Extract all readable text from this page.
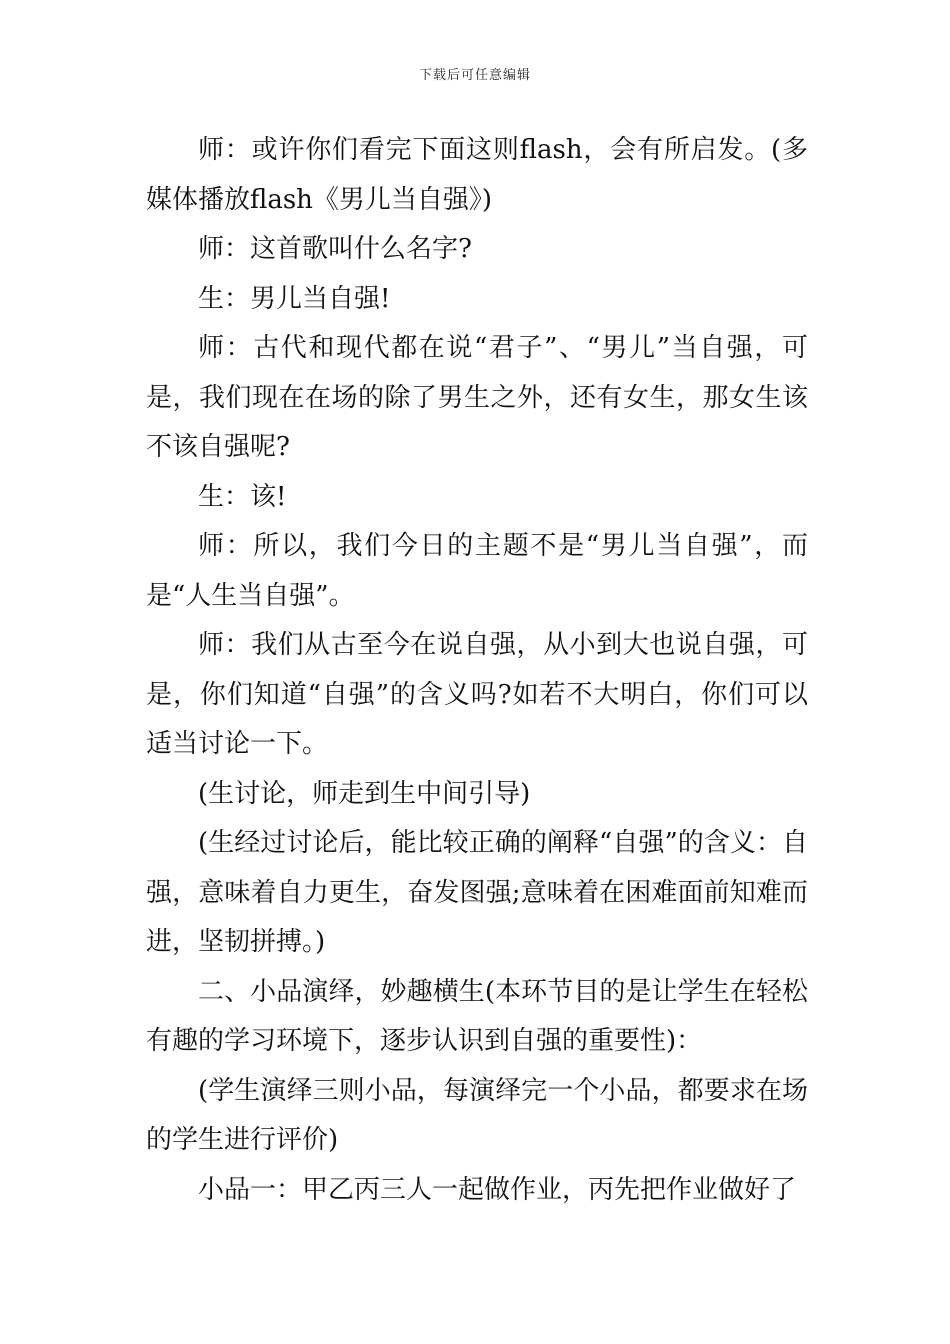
下载后可任意编辑

师：或许你们看完下面这则flash，会有所启发。(多媒体播放flash《男儿当自强》)

师：这首歌叫什么名字?

生：男儿当自强!

师：古代和现代都在说“君子”、“男儿”当自强，可是，我们现在在场的除了男生之外，还有女生，那女生该不该自强呢?

生：该!

师：所以，我们今日的主题不是“男儿当自强”，而是“人生当自强”。

师：我们从古至今在说自强，从小到大也说自强，可是，你们知道“自强”的含义吗?如若不大明白，你们可以适当讨论一下。

(生讨论，师走到生中间引导)

(生经过讨论后，能比较正确的阐释“自强”的含义：自强，意味着自力更生，奋发图强;意味着在困难面前知难而进，坚韧拼搏。)

二、小品演绎，妙趣横生(本环节目的是让学生在轻松有趣的学习环境下，逐步认识到自强的重要性)：

(学生演绎三则小品，每演绎完一个小品，都要求在场的学生进行评价)

小品一：甲乙丙三人一起做作业，丙先把作业做好了
